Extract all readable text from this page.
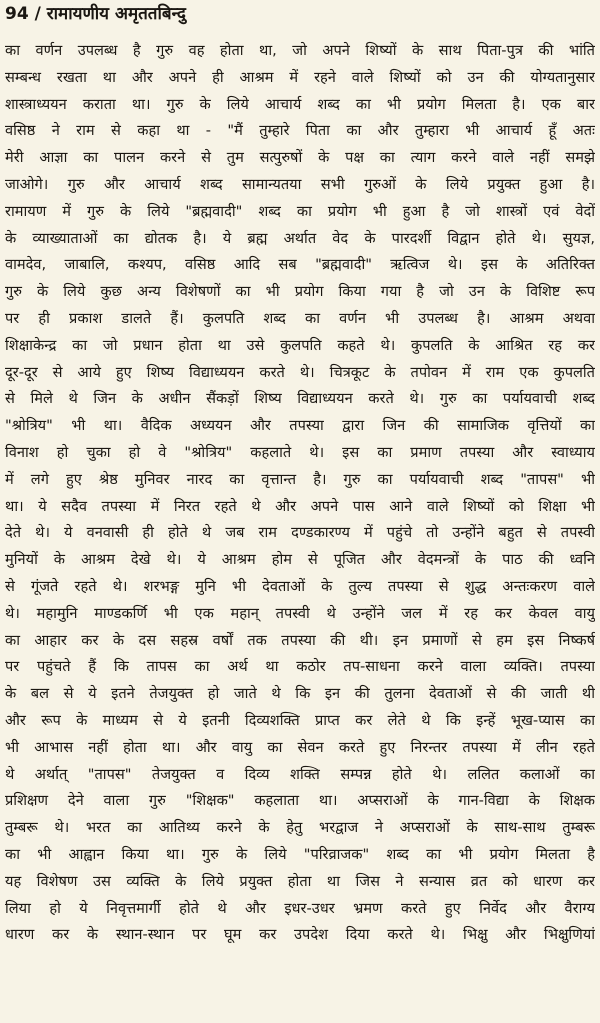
94 / रामायणीय अमृततबिन्दु
का वर्णन उपलब्ध है गुरु वह होता था, जो अपने शिष्यों के साथ पिता-पुत्र की भांति
सम्बन्ध रखता था और अपने ही आश्रम में रहने वाले शिष्यों को उन की योग्यतानुसार
शास्त्राध्ययन कराता था। गुरु के लिये आचार्य शब्द का भी प्रयोग मिलता है। एक बार
वसिष्ठ ने राम से कहा था - "मैं तुम्हारे पिता का और तुम्हारा भी आचार्य हूँ अतः
मेरी आज्ञा का पालन करने से तुम सत्पुरुषों के पक्ष का त्याग करने वाले नहीं समझे
जाओगे। गुरु और आचार्य शब्द सामान्यतया सभी गुरुओं के लिये प्रयुक्त हुआ है।
रामायण में गुरु के लिये "ब्रह्मवादी" शब्द का प्रयोग भी हुआ है जो शास्त्रों एवं वेदों
के व्याख्याताओं का द्योतक है। ये ब्रह्म अर्थात वेद के पारदर्शी विद्वान होते थे। सुयज्ञ,
वामदेव, जाबालि, कश्यप, वसिष्ठ आदि सब "ब्रह्मवादी" ऋत्विज थे। इस के अतिरिक्त
गुरु के लिये कुछ अन्य विशेषणों का भी प्रयोग किया गया है जो उन के विशिष्ट रूप
पर ही प्रकाश डालते हैं। कुलपति शब्द का वर्णन भी उपलब्ध है। आश्रम अथवा
शिक्षाकेन्द्र का जो प्रधान होता था उसे कुलपति कहते थे। कुपलति के आश्रित रह कर
दूर-दूर से आये हुए शिष्य विद्याध्ययन करते थे। चित्रकूट के तपोवन में राम एक कुपलति
से मिले थे जिन के अधीन सैंकड़ों शिष्य विद्याध्ययन करते थे। गुरु का पर्यायवाची शब्द
"श्रोत्रिय" भी था। वैदिक अध्ययन और तपस्या द्वारा जिन की सामाजिक वृत्तियों का
विनाश हो चुका हो वे "श्रोत्रिय" कहलाते थे। इस का प्रमाण तपस्या और स्वाध्याय
में लगे हुए श्रेष्ठ मुनिवर नारद का वृत्तान्त है। गुरु का पर्यायवाची शब्द "तापस" भी
था। ये सदैव तपस्या में निरत रहते थे और अपने पास आने वाले शिष्यों को शिक्षा भी
देते थे। ये वनवासी ही होते थे जब राम दण्डकारण्य में पहुंचे तो उन्होंने बहुत से तपस्वी
मुनियों के आश्रम देखे थे। ये आश्रम होम से पूजित और वेदमन्त्रों के पाठ की ध्वनि
से गूंजते रहते थे। शरभङ्ग मुनि भी देवताओं के तुल्य तपस्या से शुद्ध अन्तःकरण वाले
थे। महामुनि माण्डकर्णि भी एक महान् तपस्वी थे उन्होंने जल में रह कर केवल वायु
का आहार कर के दस सहस्र वर्षों तक तपस्या की थी। इन प्रमाणों से हम इस निष्कर्ष
पर पहुंचते हैं कि तापस का अर्थ था कठोर तप-साधना करने वाला व्यक्ति। तपस्या
के बल से ये इतने तेजयुक्त हो जाते थे कि इन की तुलना देवताओं से की जाती थी
और रूप के माध्यम से ये इतनी दिव्यशक्ति प्राप्त कर लेते थे कि इन्हें भूख-प्यास का
भी आभास नहीं होता था। और वायु का सेवन करते हुए निरन्तर तपस्या में लीन रहते
थे अर्थात् "तापस" तेजयुक्त व दिव्य शक्ति सम्पन्न होते थे। ललित कलाओं का
प्रशिक्षण देने वाला गुरु "शिक्षक" कहलाता था। अप्सराओं के गान-विद्या के शिक्षक
तुम्बरू थे। भरत का आतिथ्य करने के हेतु भरद्वाज ने अप्सराओं के साथ-साथ तुम्बरू
का भी आह्वान किया था। गुरु के लिये "परिव्राजक" शब्द का भी प्रयोग मिलता है
यह विशेषण उस व्यक्ति के लिये प्रयुक्त होता था जिस ने सन्यास व्रत को धारण कर
लिया हो ये निवृत्तमार्गी होते थे और इधर-उधर भ्रमण करते हुए निर्वेद और वैराग्य
धारण कर के स्थान-स्थान पर घूम कर उपदेश दिया करते थे। भिक्षु और भिक्षुणियां
